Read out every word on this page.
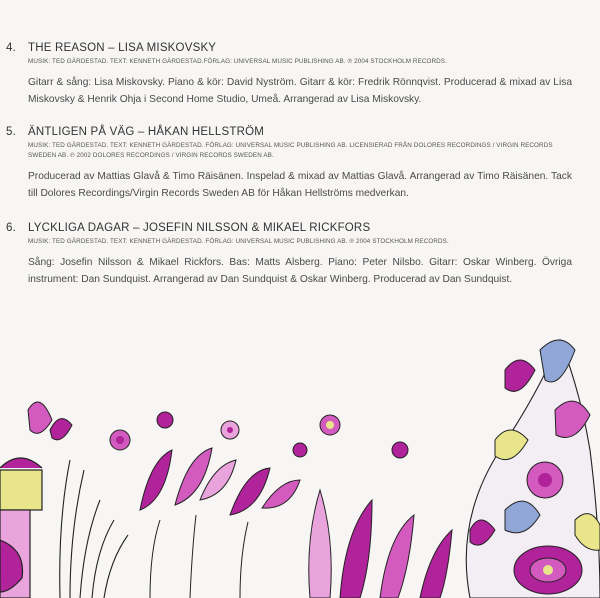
4. THE REASON – LISA MISKOVSKY

MUSIK: TED GÄRDESTAD. TEXT: KENNETH GÄRDESTAD.FÖRLAG: UNIVERSAL MUSIC PUBLISHING AB. ℗ 2004 STOCKHOLM RECORDS.

Gitarr & sång: Lisa Miskovsky. Piano & kör: David Nyström. Gitarr & kör: Fredrik Rönnqvist. Producerad & mixad av Lisa Miskovsky & Henrik Ohja i Second Home Studio, Umeå. Arrangerad av Lisa Miskovsky.

5. ÄNTLIGEN PÅ VÄG – HÅKAN HELLSTRÖM

MUSIK: TED GÄRDESTAD. TEXT: KENNETH GÄRDESTAD. FÖRLAG: UNIVERSAL MUSIC PUBLISHING AB. LICENSIERAD FRÅN DOLORES RECORDINGS / VIRGIN RECORDS SWEDEN AB. ℗ 2002 DOLORES RECORDINGS / VIRGIN RECORDS SWEDEN AB.

Producerad av Mattias Glavå & Timo Räisänen. Inspelad & mixad av Mattias Glavå. Arrangerad av Timo Räisänen. Tack till Dolores Recordings/Virgin Records Sweden AB för Håkan Hellströms medverkan.

6. LYCKLIGA DAGAR – JOSEFIN NILSSON & MIKAEL RICKFORS

MUSIK: TED GÄRDESTAD. TEXT: KENNETH GÄRDESTAD. FÖRLAG: UNIVERSAL MUSIC PUBLISHING AB. ℗ 2004 STOCKHOLM RECORDS.

Sång: Josefin Nilsson & Mikael Rickfors. Bas: Matts Alsberg. Piano: Peter Nilsbo. Gitarr: Oskar Winberg. Övriga instrument: Dan Sundquist. Arrangerad av Dan Sundquist & Oskar Winberg. Producerad av Dan Sundquist.
